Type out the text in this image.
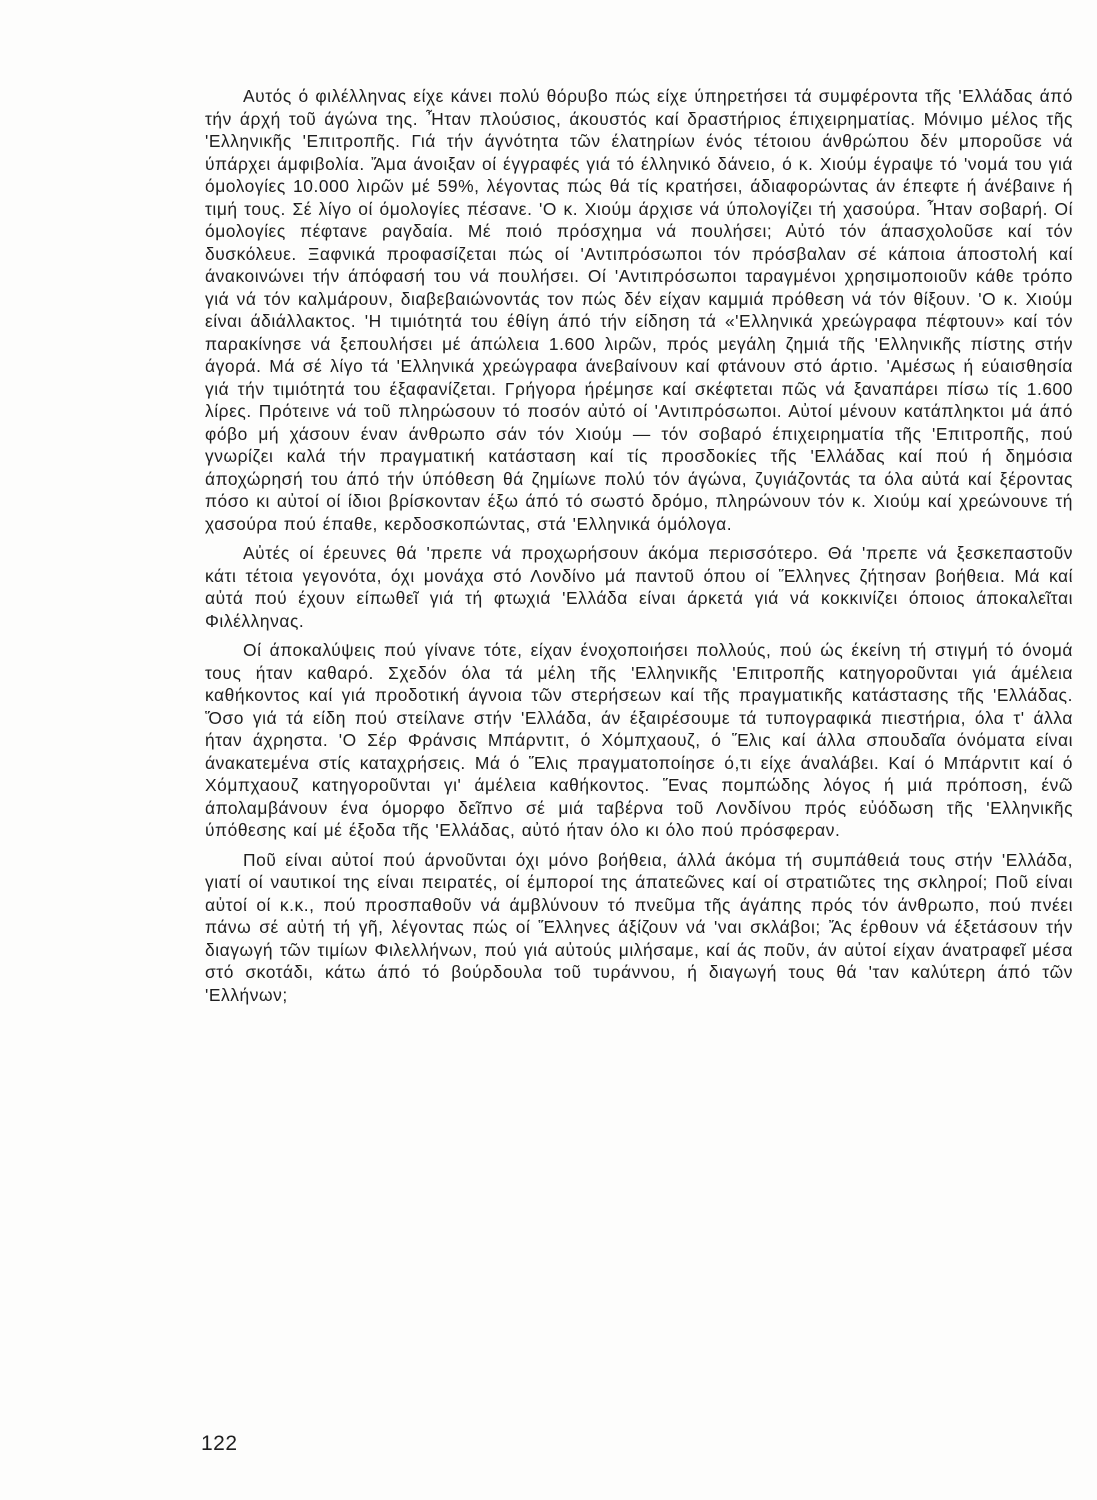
Αυτός ό φιλέλληνας είχε κάνει πολύ θόρυβο πώς είχε ύπηρετήσει τά συμφέροντα τῆς 'Ελλάδας άπό τήν άρχή τοῦ άγώνα της. Ἦταν πλούσιος, άκουστός καί δραστήριος έπιχειρηματίας. Μόνιμο μέλος τῆς 'Ελληνικῆς 'Επιτροπῆς. Γιά τήν άγνότητα τῶν έλατηρίων ένός τέτοιου άνθρώπου δέν μποροῦσε νά ύπάρχει άμφιβολία. Ἄμα άνοιξαν οί έγγραφές γιά τό έλληνικό δάνειο, ό κ. Χιούμ έγραψε τό 'νομά του γιά όμολογίες 10.000 λιρῶν μέ 59%, λέγοντας πώς θά τίς κρατήσει, άδιαφορώντας άν έπεφτε ή άνέβαινε ή τιμή τους. Σέ λίγο οί όμολογίες πέσανε. 'Ο κ. Χιούμ άρχισε νά ύπολογίζει τή χασούρα. Ἦταν σοβαρή. Οί όμολογίες πέφτανε ραγδαία. Μέ ποιό πρόσχημα νά πουλήσει; Αὐτό τόν άπασχολοῦσε καί τόν δυσκόλευε. Ξαφνικά προφασίζεται πώς οί 'Αντιπρόσωποι τόν πρόσβαλαν σέ κάποια άποστολή καί άνακοινώνει τήν άπόφασή του νά πουλήσει. Οί 'Αντιπρόσωποι ταραγμένοι χρησιμοποιοῦν κάθε τρόπο γιά νά τόν καλμάρουν, διαβεβαιώνοντάς τον πώς δέν είχαν καμμιά πρόθεση νά τόν θίξουν. 'Ο κ. Χιούμ είναι άδιάλλακτος. 'Η τιμιότητά του έθίγη άπό τήν είδηση τά «'Ελληνικά χρεώγραφα πέφτουν» καί τόν παρακίνησε νά ξεπουλήσει μέ άπώλεια 1.600 λιρῶν, πρός μεγάλη ζημιά τῆς 'Ελληνικῆς πίστης στήν άγορά. Μά σέ λίγο τά 'Ελληνικά χρεώγραφα άνεβαίνουν καί φτάνουν στό άρτιο. 'Αμέσως ή εύαισθησία γιά τήν τιμιότητά του έξαφανίζεται. Γρήγορα ήρέμησε καί σκέφτεται πῶς νά ξαναπάρει πίσω τίς 1.600 λίρες. Πρότεινε νά τοῦ πληρώσουν τό ποσόν αὐτό οί 'Αντιπρόσωποι. Αὐτοί μένουν κατάπληκτοι μά άπό φόβο μή χάσουν έναν άνθρωπο σάν τόν Χιούμ — τόν σοβαρό έπιχειρηματία τῆς 'Επιτροπῆς, πού γνωρίζει καλά τήν πραγματική κατάσταση καί τίς προσδοκίες τῆς 'Ελλάδας καί πού ή δημόσια άποχώρησή του άπό τήν ύπόθεση θά ζημίωνε πολύ τόν άγώνα, ζυγιάζοντάς τα όλα αὐτά καί ξέροντας πόσο κι αὐτοί οί ίδιοι βρίσκονταν έξω άπό τό σωστό δρόμο, πληρώνουν τόν κ. Χιούμ καί χρεώνουνε τή χασούρα πού έπαθε, κερδοσκοπώντας, στά 'Ελληνικά όμόλογα.

Αὐτές οί έρευνες θά 'πρεπε νά προχωρήσουν άκόμα περισσότερο. Θά 'πρεπε νά ξεσκεπαστοῦν κάτι τέτοια γεγονότα, όχι μονάχα στό Λονδίνο μά παντοῦ όπου οί Ἕλληνες ζήτησαν βοήθεια. Μά καί αὐτά πού έχουν είπωθεῖ γιά τή φτωχιά 'Ελλάδα είναι άρκετά γιά νά κοκκινίζει όποιος άποκαλεῖται Φιλέλληνας.

Οί άποκαλύψεις πού γίνανε τότε, είχαν ένοχοποιήσει πολλούς, πού ώς έκείνη τή στιγμή τό όνομά τους ήταν καθαρό. Σχεδόν όλα τά μέλη τῆς 'Ελληνικῆς 'Επιτροπῆς κατηγοροῦνται γιά άμέλεια καθήκοντος καί γιά προδοτική άγνοια τῶν στερήσεων καί τῆς πραγματικῆς κατάστασης τῆς 'Ελλάδας. Ὅσο γιά τά είδη πού στείλανε στήν 'Ελλάδα, άν έξαιρέσουμε τά τυπογραφικά πιεστήρια, όλα τ' άλλα ήταν άχρηστα. 'Ο Σέρ Φράνσις Μπάρντιτ, ό Χόμπχαουζ, ό Ἕλις καί άλλα σπουδαῖα όνόματα είναι άνακατεμένα στίς καταχρήσεις. Μά ό Ἕλις πραγματοποίησε ό,τι είχε άναλάβει. Καί ό Μπάρντιτ καί ό Χόμπχαουζ κατηγοροῦνται γι' άμέλεια καθήκοντος. Ἕνας πομπώδης λόγος ή μιά πρόποση, ένῶ άπολαμβάνουν ένα όμορφο δεῖπνο σέ μιά ταβέρνα τοῦ Λονδίνου πρός εὐόδωση τῆς 'Ελληνικῆς ύπόθεσης καί μέ έξοδα τῆς 'Ελλάδας, αὐτό ήταν όλο κι όλο πού πρόσφεραν.

Ποῦ είναι αὐτοί πού άρνοῦνται όχι μόνο βοήθεια, άλλά άκόμα τή συμπάθειά τους στήν 'Ελλάδα, γιατί οί ναυτικοί της είναι πειρατές, οί έμποροί της άπατεῶνες καί οί στρατιῶτες της σκληροί; Ποῦ είναι αὐτοί οί κ.κ., πού προσπαθοῦν νά άμβλύνουν τό πνεῦμα τῆς άγάπης πρός τόν άνθρωπο, πού πνέει πάνω σέ αὐτή τή γῆ, λέγοντας πώς οί Ἕλληνες άξίζουν νά 'ναι σκλάβοι; Ἄς έρθουν νά έξετάσουν τήν διαγωγή τῶν τιμίων Φιλελλήνων, πού γιά αὐτούς μιλήσαμε, καί άς ποῦν, άν αὐτοί είχαν άνατραφεῖ μέσα στό σκοτάδι, κάτω άπό τό βούρδουλα τοῦ τυράννου, ή διαγωγή τους θά 'ταν καλύτερη άπό τῶν 'Ελλήνων;

122
